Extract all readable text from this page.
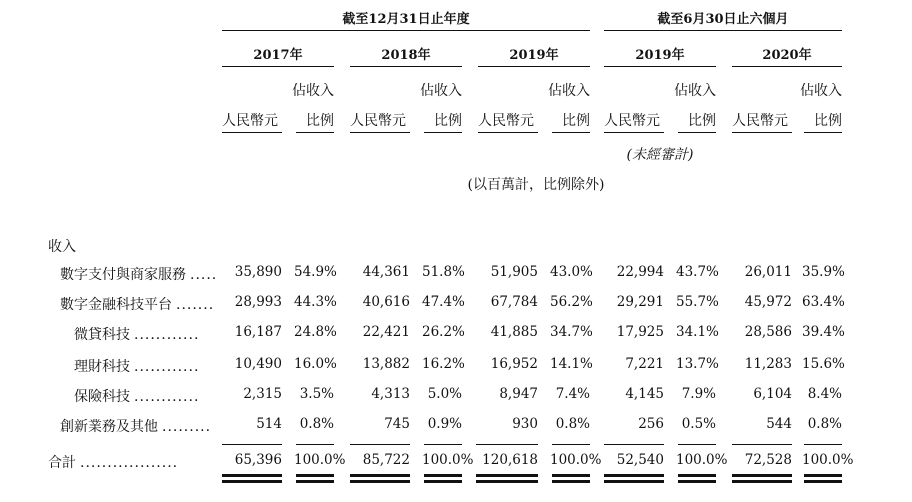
截至12月31日止年度	截至6月30日止六個月
2017年	2018年	2019年	2019年	2020年
佔收入	佔收入	佔收入	佔收入	佔收入
人民幣元	比例 人民幣元	比例 人民幣元	比例 人民幣元	比例 人民幣元	比例
(未經審計)
(以百萬計，比例除外)
收入
數字支付與商家服務 .....	35,890 54.9%	44,361 51.8%	51,905 43.0%	22,994 43.7%	26,011 35.9%
數字金融科技平台 .......	28,993 44.3%	40,616 47.4%	67,784 56.2%	29,291 55.7%	45,972 63.4%
微貸科技 ............	16,187 24.8%	22,421 26.2%	41,885 34.7%	17,925 34.1%	28,586 39.4%
理財科技 ............	10,490 16.0%	13,882 16.2%	16,952 14.1%	7,221 13.7%	11,283 15.6%
保險科技 ............	2,315	3.5%	4,313	5.0%	8,947	7.4%	4,145	7.9%	6,104	8.4%
創新業務及其他 .........	514	0.8%	745	0.9%	930	0.8%	256	0.5%	544	0.8%
合計 ..................	65,396 100.0%	85,722 100.0% 120,618 100.0%	52,540 100.0%	72,528 100.0%
